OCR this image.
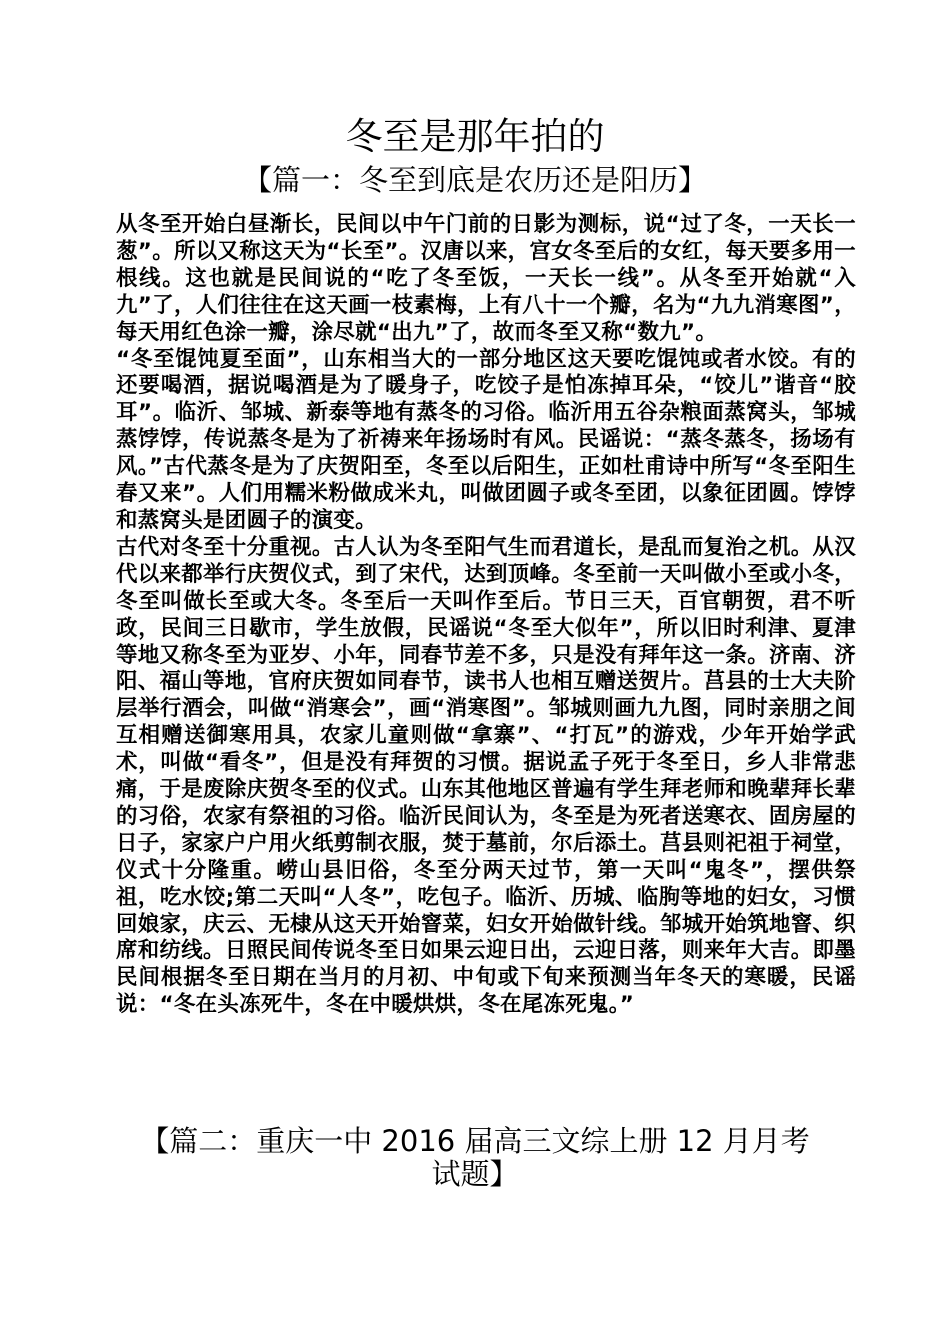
冬至是那年拍的
【篇一：冬至到底是农历还是阳历】

从冬至开始白昼渐长，民间以中午门前的日影为测标，说“过了冬，一天长一葱”。所以又称这天为“长至”。汉唐以来，宫女冬至后的女红，每天要多用一根线。这也就是民间说的“吃了冬至饭，一天长一线”。从冬至开始就“入九”了，人们往往在这天画一枝素梅，上有八十一个瓣，名为“九九消寒图”，每天用红色涂一瓣，涂尽就“出九”了，故而冬至又称“数九”。

“冬至馄饨夏至面”，山东相当大的一部分地区这天要吃馄饨或者水饺。有的还要喝酒，据说喝酒是为了暖身子，吃饺子是怕冻掉耳朵，“饺儿”谐音“胶耳”。临沂、邹城、新泰等地有蒸冬的习俗。临沂用五谷杂粮面蒸窝头，邹城蒸饽饽，传说蒸冬是为了祈祷来年扬场时有风。民谣说：“蒸冬蒸冬，扬场有风。”古代蒸冬是为了庆贺阳至，冬至以后阳生，正如杜甫诗中所写“冬至阳生春又来”。人们用糯米粉做成米丸，叫做团圆子或冬至团，以象征团圆。饽饽和蒸窝头是团圆子的演变。

古代对冬至十分重视。古人认为冬至阳气生而君道长，是乱而复治之机。从汉代以来都举行庆贺仪式，到了宋代，达到顶峰。冬至前一天叫做小至或小冬，冬至叫做长至或大冬。冬至后一天叫作至后。节日三天，百官朝贺，君不听政，民间三日歇市，学生放假，民谣说“冬至大似年”，所以旧时利津、夏津等地又称冬至为亚岁、小年，同春节差不多，只是没有拜年这一条。济南、济阳、福山等地，官府庆贺如同春节，读书人也相互赠送贺片。莒县的士大夫阶层举行酒会，叫做“消寒会”，画“消寒图”。邹城则画九九图，同时亲朋之间互相赠送御寒用具，农家儿童则做“拿寨”、“打瓦”的游戏，少年开始学武术，叫做“看冬”，但是没有拜贺的习惯。据说孟子死于冬至日，乡人非常悲痛，于是废除庆贺冬至的仪式。山东其他地区普遍有学生拜老师和晚辈拜长辈的习俗，农家有祭祖的习俗。临沂民间认为，冬至是为死者送寒衣、固房屋的日子，家家户户用火纸剪制衣服，焚于墓前，尔后添土。莒县则祀祖于祠堂，仪式十分隆重。崂山县旧俗，冬至分两天过节，第一天叫“鬼冬”，摆供祭祖，吃水饺;第二天叫“人冬”，吃包子。临沂、历城、临朐等地的妇女，习惯回娘家，庆云、无棣从这天开始窨菜，妇女开始做针线。邹城开始筑地窨、织席和纺线。日照民间传说冬至日如果云迎日出，云迎日落，则来年大吉。即墨民间根据冬至日期在当月的月初、中旬或下旬来预测当年冬天的寒暖，民谣说：“冬在头冻死牛，冬在中暖烘烘，冬在尾冻死鬼。”

【篇二：重庆一中 2016 届高三文综上册 12 月月考试题】
